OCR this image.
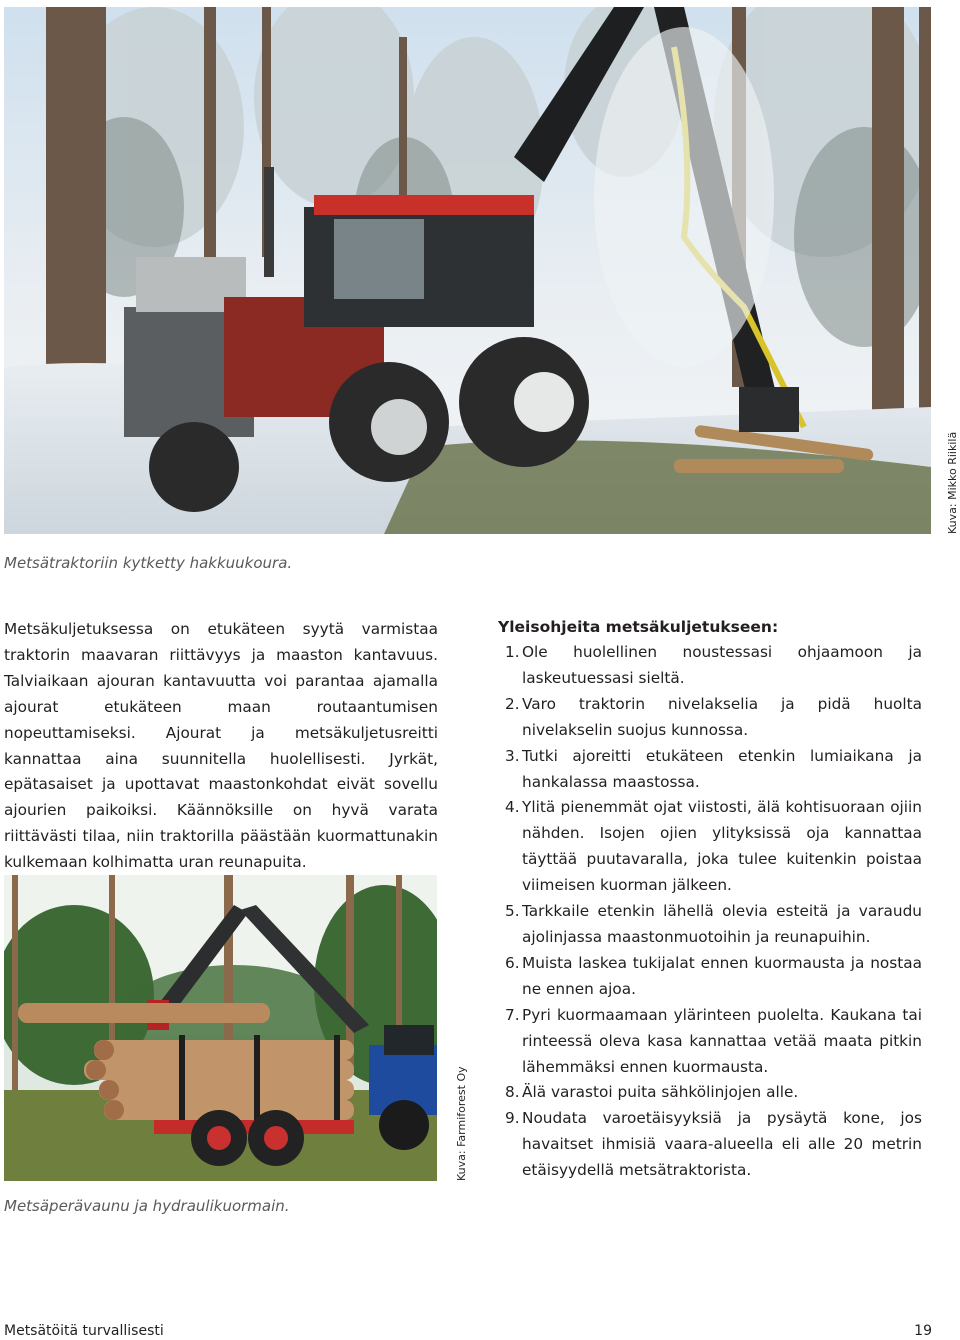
Kuva: Mikko Riikilä
Metsätraktoriin kytketty hakkuukoura.
Metsäkuljetuksessa on etukäteen syytä varmistaa traktorin maavaran riittävyys ja maaston kantavuus. Talviaikaan ajouran kantavuutta voi parantaa ajamalla ajourat etukäteen maan routaantumisen nopeuttamiseksi. Ajourat ja metsäkuljetusreitti kannattaa aina suunnitella huolellisesti. Jyrkät, epätasaiset ja upottavat maastonkohdat eivät sovellu ajourien paikoiksi. Käännöksille on hyvä varata riittävästi tilaa, niin traktorilla päästään kuormattunakin kulkemaan kolhimatta uran reunapuita.
Yleisohjeita metsäkuljetukseen:
1. Ole huolellinen noustessasi ohjaamoon ja laskeutuessasi sieltä.
2. Varo traktorin nivelakselia ja pidä huolta nivelakselin suojus kunnossa.
3. Tutki ajoreitti etukäteen etenkin lumiaikana ja hankalassa maastossa.
4. Ylitä pienemmät ojat viistosti, älä kohtisuoraan ojiin nähden. Isojen ojien ylityksissä oja kannattaa täyttää puutavaralla, joka tulee kuitenkin poistaa viimeisen kuorman jälkeen.
5. Tarkkaile etenkin lähellä olevia esteitä ja varaudu ajolinjassa maastonmuotoihin ja reunapuihin.
6. Muista laskea tukijalat ennen kuormausta ja nostaa ne ennen ajoa.
7. Pyri kuormaamaan ylärinteen puolelta. Kaukana tai rinteessä oleva kasa kannattaa vetää maata pitkin lähemmäksi ennen kuormausta.
8. Älä varastoi puita sähkölinjojen alle.
9. Noudata varoetäisyyksiä ja pysäytä kone, jos havaitset ihmisiä vaara-alueella eli alle 20 metrin etäisyydellä metsätraktorista.
Kuva: Farmiforest Oy
Metsäperävaunu ja hydraulikuormain.
Metsätöitä turvallisesti	19
